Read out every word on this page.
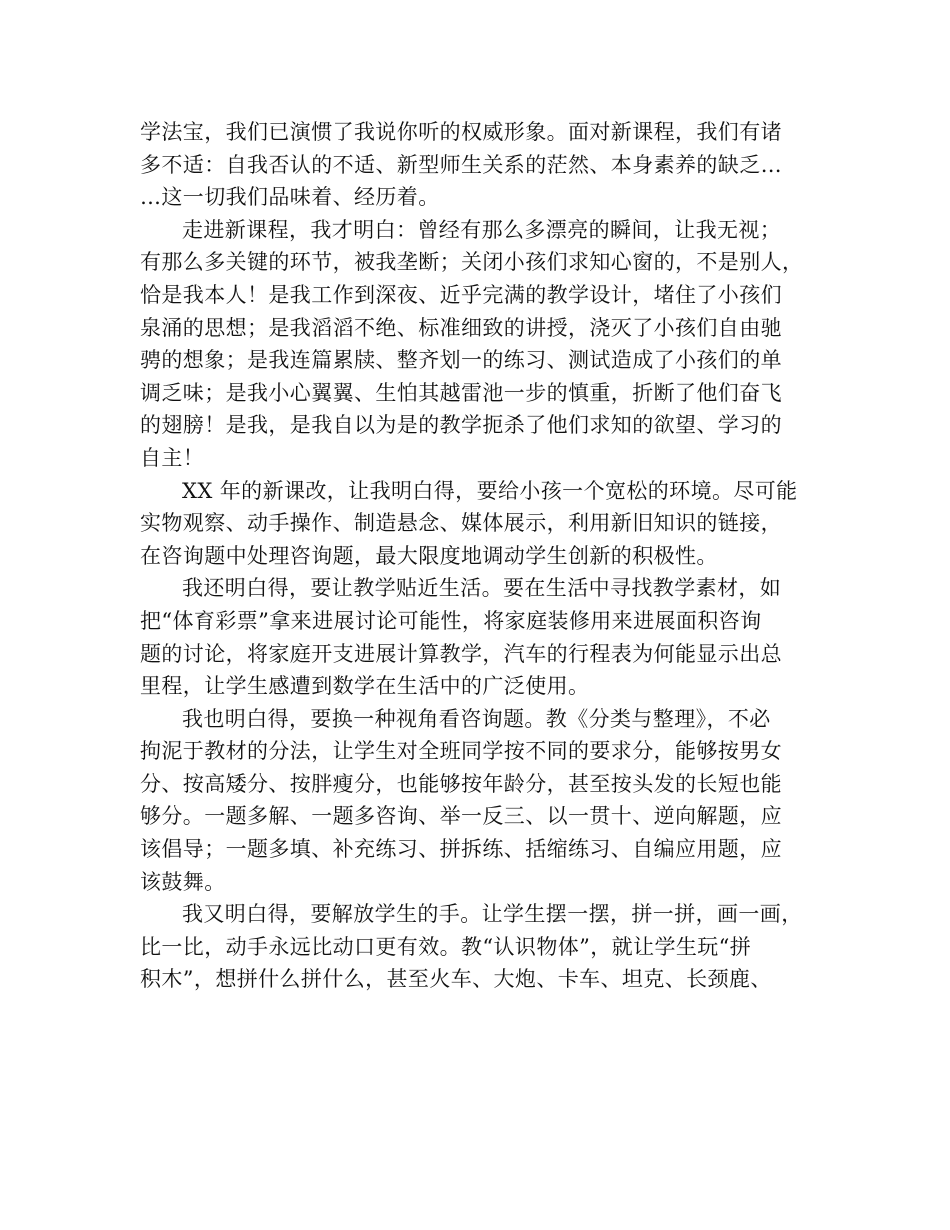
学法宝，我们已演惯了我说你听的权威形象。面对新课程，我们有诸
多不适：自我否认的不适、新型师生关系的茫然、本身素养的缺乏…
…这一切我们品味着、经历着。
走进新课程，我才明白：曾经有那么多漂亮的瞬间，让我无视；
有那么多关键的环节，被我垄断；关闭小孩们求知心窗的，不是别人，
恰是我本人！是我工作到深夜、近乎完满的教学设计，堵住了小孩们
泉涌的思想；是我滔滔不绝、标准细致的讲授，浇灭了小孩们自由驰
骋的想象；是我连篇累牍、整齐划一的练习、测试造成了小孩们的单
调乏味；是我小心翼翼、生怕其越雷池一步的慎重，折断了他们奋飞
的翅膀！是我，是我自以为是的教学扼杀了他们求知的欲望、学习的
自主！
XX 年的新课改，让我明白得，要给小孩一个宽松的环境。尽可能
实物观察、动手操作、制造悬念、媒体展示，利用新旧知识的链接，
在咨询题中处理咨询题，最大限度地调动学生创新的积极性。
我还明白得，要让教学贴近生活。要在生活中寻找教学素材，如
把“体育彩票”拿来进展讨论可能性，将家庭装修用来进展面积咨询
题的讨论，将家庭开支进展计算教学，汽车的行程表为何能显示出总
里程，让学生感遭到数学在生活中的广泛使用。
我也明白得，要换一种视角看咨询题。教《分类与整理》，不必
拘泥于教材的分法，让学生对全班同学按不同的要求分，能够按男女
分、按高矮分、按胖瘦分，也能够按年龄分，甚至按头发的长短也能
够分。一题多解、一题多咨询、举一反三、以一贯十、逆向解题，应
该倡导；一题多填、补充练习、拼拆练、括缩练习、自编应用题，应
该鼓舞。
我又明白得，要解放学生的手。让学生摆一摆，拼一拼，画一画，
比一比，动手永远比动口更有效。教“认识物体”，就让学生玩“拼
积木”，想拼什么拼什么，甚至火车、大炮、卡车、坦克、长颈鹿、
